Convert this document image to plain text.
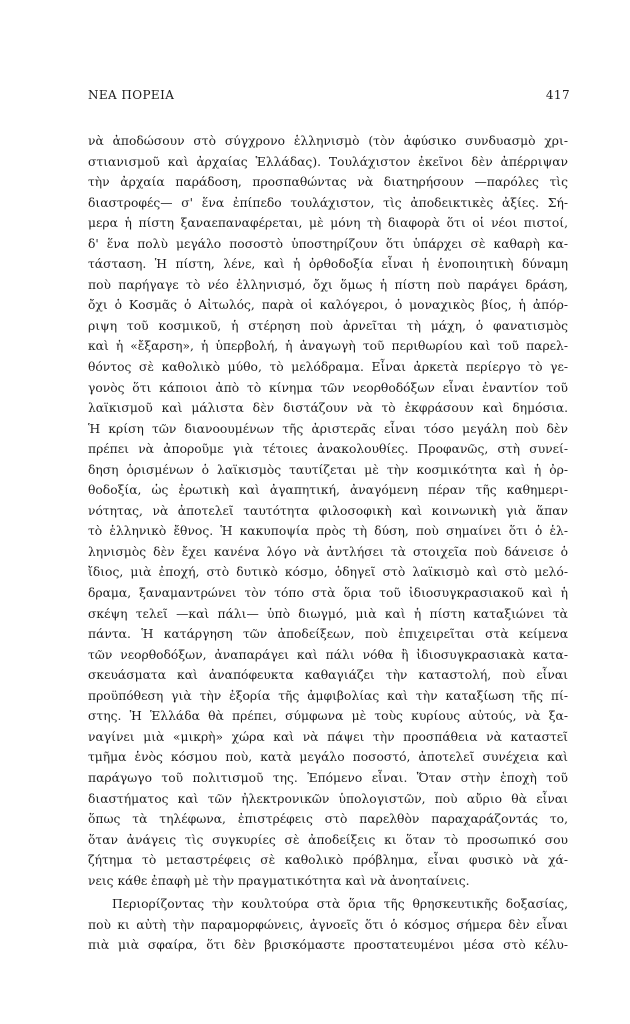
ΝΕΑ ΠΟΡΕΙΑ	417
νὰ ἀποδώσουν στὸ σύγχρονο ἑλληνισμὸ (τὸν ἀφύσικο συνδυασμὸ χρι-
στιανισμοῦ καὶ ἀρχαίας Ἑλλάδας). Τουλάχιστον ἐκεῖνοι δὲν ἀπέρριψαν
τὴν ἀρχαία παράδοση, προσπαθώντας νὰ διατηρήσουν —παρόλες τὶς
διαστροφές— σ' ἕνα ἐπίπεδο τουλάχιστον, τὶς ἀποδεικτικὲς ἀξίες. Σή-
μερα ἡ πίστη ξαναεπαναφέρεται, μὲ μόνη τὴ διαφορὰ ὅτι οἱ νέοι πιστοί,
δ' ἕνα πολὺ μεγάλο ποσοστὸ ὑποστηρίζουν ὅτι ὑπάρχει σὲ καθαρὴ κα-
τάσταση. Ἡ πίστη, λένε, καὶ ἡ ὀρθοδοξία εἶναι ἡ ἑνοποιητικὴ δύναμη
ποὺ παρήγαγε τὸ νέο ἑλληνισμό, ὄχι ὅμως ἡ πίστη ποὺ παράγει δράση,
ὄχι ὁ Κοσμᾶς ὁ Αἰτωλός, παρὰ οἱ καλόγεροι, ὁ μοναχικὸς βίος, ἡ ἀπόρ-
ριψη τοῦ κοσμικοῦ, ἡ στέρηση ποὺ ἀρνεῖται τὴ μάχη, ὁ φανατισμὸς
καὶ ἡ «ἔξαρση», ἡ ὑπερβολή, ἡ ἀναγωγὴ τοῦ περιθωρίου καὶ τοῦ παρελ-
θόντος σὲ καθολικὸ μύθο, τὸ μελόδραμα. Εἶναι ἀρκετὰ περίεργο τὸ γε-
γονὸς ὅτι κάποιοι ἀπὸ τὸ κίνημα τῶν νεορθοδόξων εἶναι ἐναντίον τοῦ
λαϊκισμοῦ καὶ μάλιστα δὲν διστάζουν νὰ τὸ ἐκφράσουν καὶ δημόσια.
Ἡ κρίση τῶν διανοουμένων τῆς ἀριστερᾶς εἶναι τόσο μεγάλη ποὺ δὲν
πρέπει νὰ ἀποροῦμε γιὰ τέτοιες ἀνακολουθίες. Προφανῶς, στὴ συνεί-
δηση ὁρισμένων ὁ λαϊκισμὸς ταυτίζεται μὲ τὴν κοσμικότητα καὶ ἡ ὀρ-
θοδοξία, ὡς ἐρωτικὴ καὶ ἀγαπητική, ἀναγόμενη πέραν τῆς καθημερι-
νότητας, νὰ ἀποτελεῖ ταυτότητα φιλοσοφικὴ καὶ κοινωνικὴ γιὰ ἅπαν
τὸ ἑλληνικὸ ἔθνος. Ἡ κακυποψία πρὸς τὴ δύση, ποὺ σημαίνει ὅτι ὁ ἑλ-
ληνισμὸς δὲν ἔχει κανένα λόγο νὰ ἀντλήσει τὰ στοιχεῖα ποὺ δάνεισε ὁ
ἴδιος, μιὰ ἐποχή, στὸ δυτικὸ κόσμο, ὁδηγεῖ στὸ λαϊκισμὸ καὶ στὸ μελό-
δραμα, ξαναμαντρώνει τὸν τόπο στὰ ὅρια τοῦ ἰδιοσυγκρασιακοῦ καὶ ἡ
σκέψη τελεῖ —καὶ πάλι— ὑπὸ διωγμό, μιὰ καὶ ἡ πίστη καταξιώνει τὰ
πάντα. Ἡ κατάργηση τῶν ἀποδείξεων, ποὺ ἐπιχειρεῖται στὰ κείμενα
τῶν νεορθοδόξων, ἀναπαράγει καὶ πάλι νόθα ἢ ἰδιοσυγκρασιακὰ κατα-
σκευάσματα καὶ ἀναπόφευκτα καθαγιάζει τὴν καταστολή, ποὺ εἶναι
προϋπόθεση γιὰ τὴν ἐξορία τῆς ἀμφιβολίας καὶ τὴν καταξίωση τῆς πί-
στης. Ἡ Ἑλλάδα θὰ πρέπει, σύμφωνα μὲ τοὺς κυρίους αὐτούς, νὰ ξα-
ναγίνει μιὰ «μικρὴ» χώρα καὶ νὰ πάψει τὴν προσπάθεια νὰ καταστεῖ
τμῆμα ἑνὸς κόσμου ποὺ, κατὰ μεγάλο ποσοστό, ἀποτελεῖ συνέχεια καὶ
παράγωγο τοῦ πολιτισμοῦ της. Ἑπόμενο εἶναι. Ὅταν στὴν ἐποχὴ τοῦ
διαστήματος καὶ τῶν ἠλεκτρονικῶν ὑπολογιστῶν, ποὺ αὔριο θὰ εἶναι
ὅπως τὰ τηλέφωνα, ἐπιστρέφεις στὸ παρελθὸν παραχαράζοντάς το,
ὅταν ἀνάγεις τὶς συγκυρίες σὲ ἀποδείξεις κι ὅταν τὸ προσωπικό σου
ζήτημα τὸ μεταστρέφεις σὲ καθολικὸ πρόβλημα, εἶναι φυσικὸ νὰ χά-
νεις κάθε ἐπαφὴ μὲ τὴν πραγματικότητα καὶ νὰ ἀνοηταίνεις.
Περιορίζοντας τὴν κουλτούρα στὰ ὅρια τῆς θρησκευτικῆς δοξασίας,
ποὺ κι αὐτὴ τὴν παραμορφώνεις, ἀγνοεῖς ὅτι ὁ κόσμος σήμερα δὲν εἶναι
πιὰ μιὰ σφαίρα, ὅτι δὲν βρισκόμαστε προστατευμένοι μέσα στὸ κέλυ-
